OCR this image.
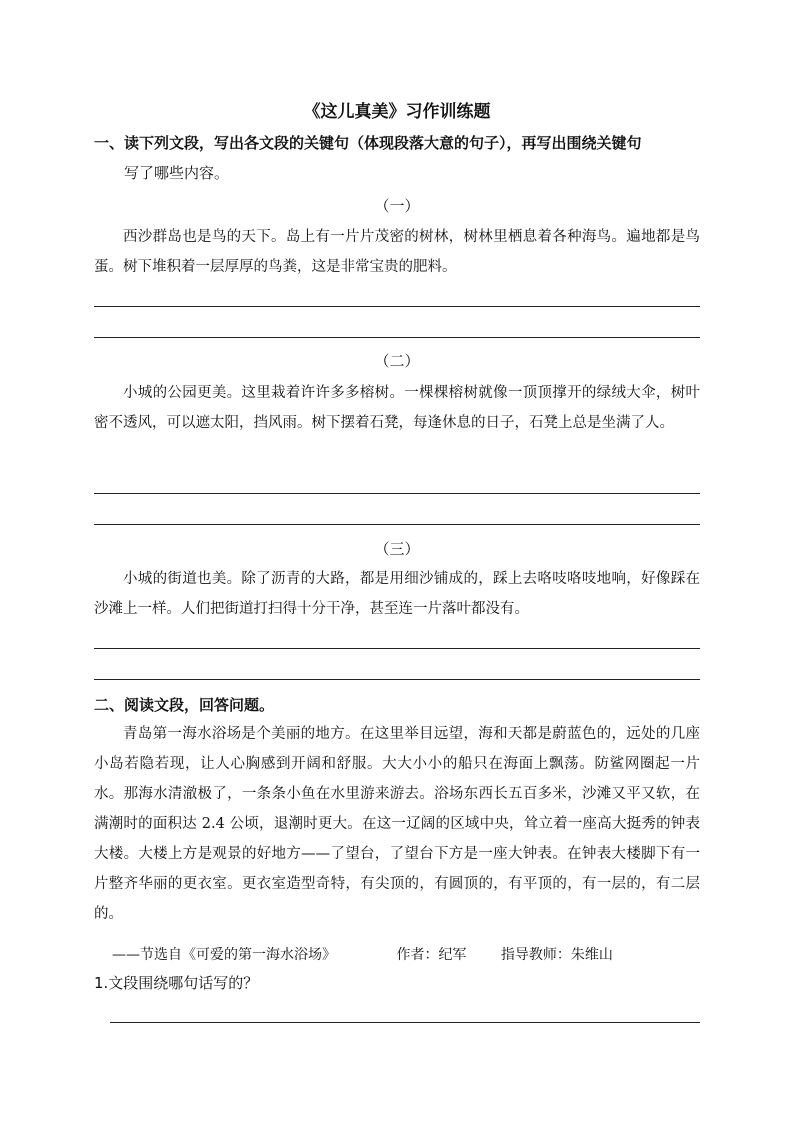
《这儿真美》习作训练题
一、读下列文段，写出各文段的关键句（体现段落大意的句子），再写出围绕关键句
写了哪些内容。
（一）
西沙群岛也是鸟的天下。岛上有一片片茂密的树林，树林里栖息着各种海鸟。遍地都是鸟蛋。树下堆积着一层厚厚的鸟粪，这是非常宝贵的肥料。
（二）
小城的公园更美。这里栽着许许多多榕树。一棵棵榕树就像一顶顶撑开的绿绒大伞，树叶密不透风，可以遮太阳，挡风雨。树下摆着石凳，每逢休息的日子，石凳上总是坐满了人。
（三）
小城的街道也美。除了沥青的大路，都是用细沙铺成的，踩上去咯吱咯吱地响，好像踩在沙滩上一样。人们把街道打扫得十分干净，甚至连一片落叶都没有。
二、阅读文段，回答问题。
青岛第一海水浴场是个美丽的地方。在这里举目远望，海和天都是蔚蓝色的，远处的几座小岛若隐若现，让人心胸感到开阔和舒服。大大小小的船只在海面上飘荡。防鲨网圈起一片水。那海水清澈极了，一条条小鱼在水里游来游去。浴场东西长五百多米，沙滩又平又软，在满潮时的面积达 2.4 公顷，退潮时更大。在这一辽阔的区域中央，耸立着一座高大挺秀的钟表大楼。大楼上方是观景的好地方——了望台，了望台下方是一座大钟表。在钟表大楼脚下有一片整齐华丽的更衣室。更衣室造型奇特，有尖顶的，有圆顶的，有平顶的，有一层的，有二层的。
——节选自《可爱的第一海水浴场》	作者：纪军 指导教师：朱维山
1.文段围绕哪句话写的？
